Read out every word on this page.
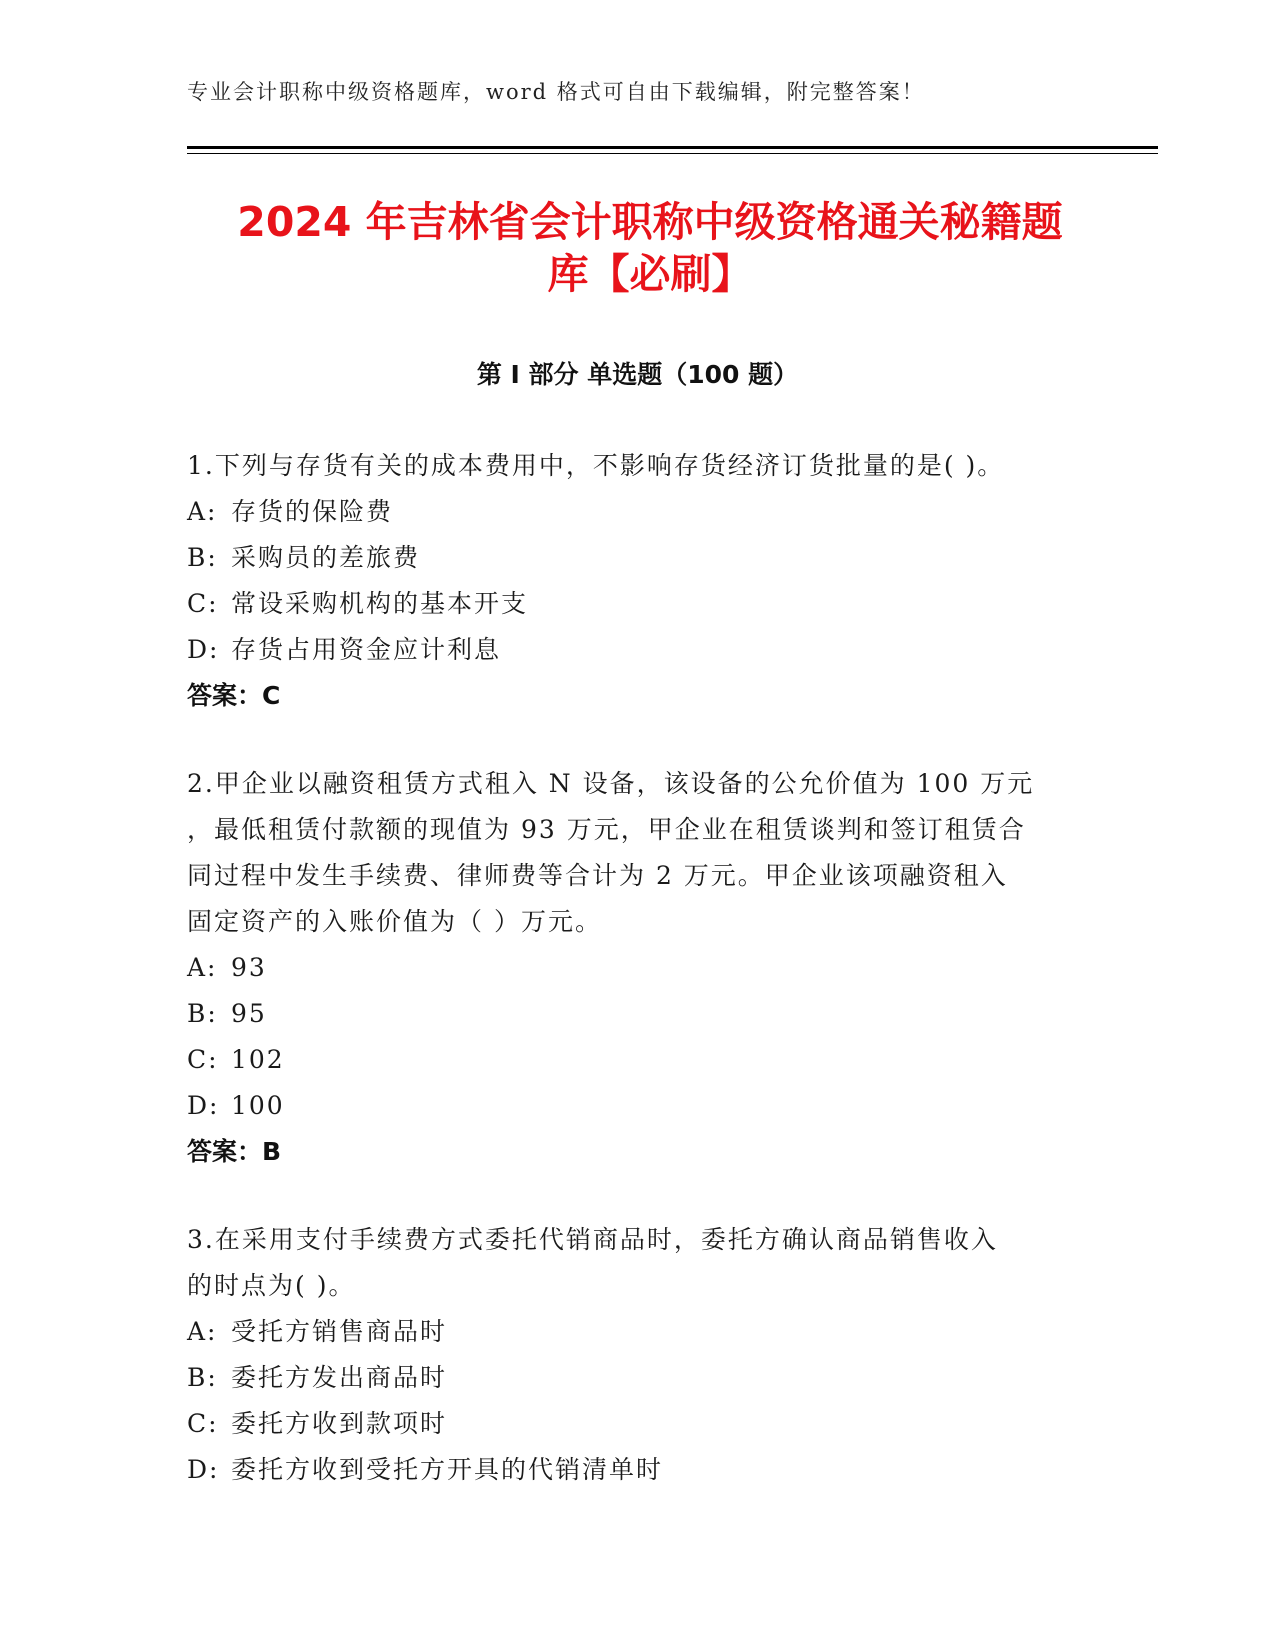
专业会计职称中级资格题库，word 格式可自由下载编辑，附完整答案！
2024 年吉林省会计职称中级资格通关秘籍题
库【必刷】
第 I 部分 单选题（100 题）
1.下列与存货有关的成本费用中，不影响存货经济订货批量的是( )。
A: 存货的保险费
B: 采购员的差旅费
C: 常设采购机构的基本开支
D: 存货占用资金应计利息
答案：C
2.甲企业以融资租赁方式租入 N 设备，该设备的公允价值为 100 万元
，最低租赁付款额的现值为 93 万元，甲企业在租赁谈判和签订租赁合
同过程中发生手续费、律师费等合计为 2 万元。甲企业该项融资租入
固定资产的入账价值为（ ）万元。
A: 93
B: 95
C: 102
D: 100
答案：B
3.在采用支付手续费方式委托代销商品时，委托方确认商品销售收入
的时点为( )。
A: 受托方销售商品时
B: 委托方发出商品时
C: 委托方收到款项时
D: 委托方收到受托方开具的代销清单时
